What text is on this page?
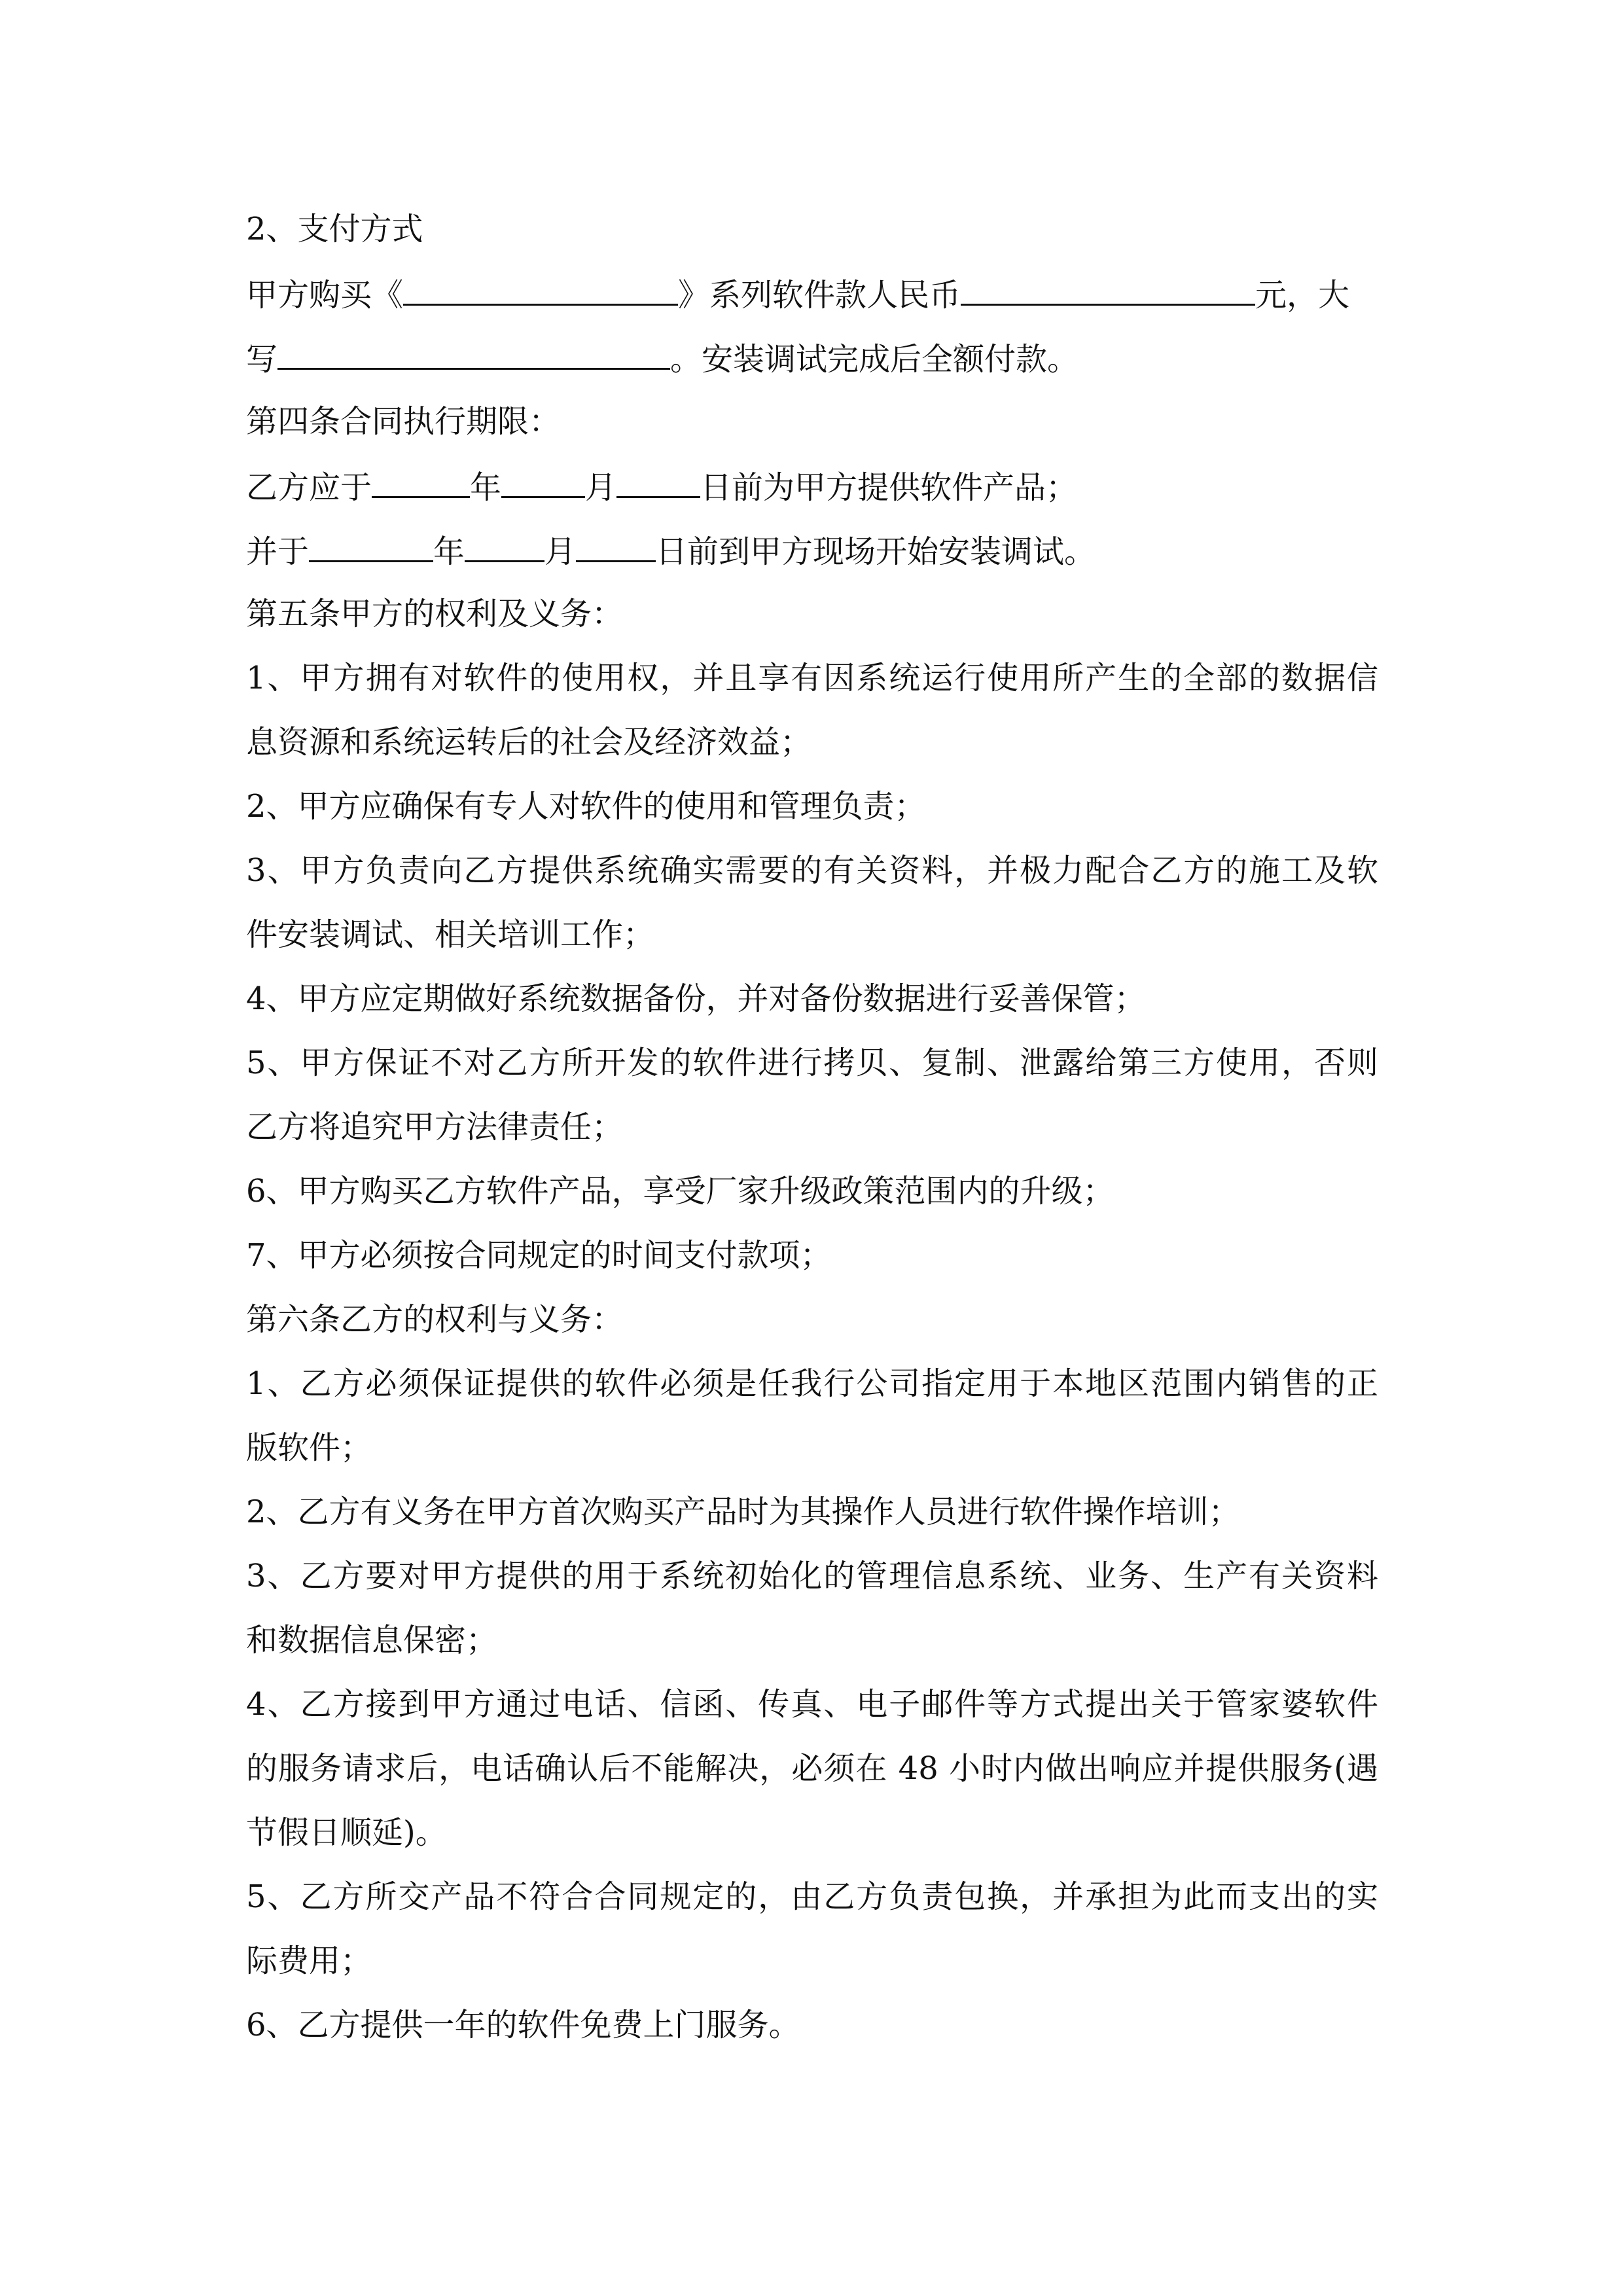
2、支付方式
甲方购买《	》系列软件款人民币	元，大
写	。安装调试完成后全额付款。
第四条合同执行期限：
乙方应于	年	月	日前为甲方提供软件产品；
并于	年	月	日前到甲方现场开始安装调试。
第五条甲方的权利及义务：
1、甲方拥有对软件的使用权，并且享有因系统运行使用所产生的全部的数据信
息资源和系统运转后的社会及经济效益；
2、甲方应确保有专人对软件的使用和管理负责；
3、甲方负责向乙方提供系统确实需要的有关资料，并极力配合乙方的施工及软
件安装调试、相关培训工作；
4、甲方应定期做好系统数据备份，并对备份数据进行妥善保管；
5、甲方保证不对乙方所开发的软件进行拷贝、复制、泄露给第三方使用，否则
乙方将追究甲方法律责任；
6、甲方购买乙方软件产品，享受厂家升级政策范围内的升级；
7、甲方必须按合同规定的时间支付款项；
第六条乙方的权利与义务：
1、乙方必须保证提供的软件必须是任我行公司指定用于本地区范围内销售的正
版软件；
2、乙方有义务在甲方首次购买产品时为其操作人员进行软件操作培训；
3、乙方要对甲方提供的用于系统初始化的管理信息系统、业务、生产有关资料
和数据信息保密；
4、乙方接到甲方通过电话、信函、传真、电子邮件等方式提出关于管家婆软件
的服务请求后，电话确认后不能解决，必须在 48 小时内做出响应并提供服务(遇
节假日顺延)。
5、乙方所交产品不符合合同规定的，由乙方负责包换，并承担为此而支出的实
际费用；
6、乙方提供一年的软件免费上门服务。
